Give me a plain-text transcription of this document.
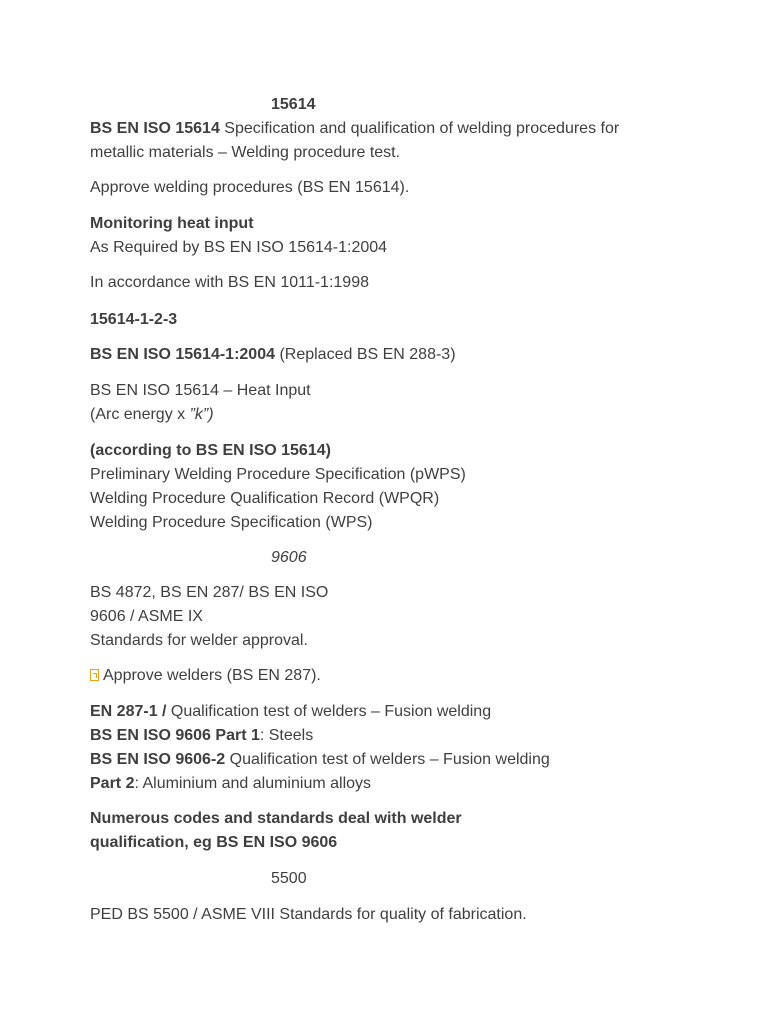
15614
BS EN ISO 15614 Specification and qualification of welding procedures for
metallic materials – Welding procedure test.
Approve welding procedures (BS EN 15614).
Monitoring heat input
As Required by BS EN ISO 15614-1:2004
In accordance with BS EN 1011-1:1998
15614-1-2-3
BS EN ISO 15614-1:2004 (Replaced BS EN 288-3)
BS EN ISO 15614 – Heat Input
(Arc energy x ”k”)
(according to BS EN ISO 15614)
Preliminary Welding Procedure Specification (pWPS)
Welding Procedure Qualification Record (WPQR)
Welding Procedure Specification (WPS)
9606
BS 4872, BS EN 287/ BS EN ISO
9606 / ASME IX
Standards for welder approval.
Approve welders (BS EN 287).
EN 287-1 / Qualification test of welders – Fusion welding
BS EN ISO 9606 Part 1: Steels
BS EN ISO 9606-2 Qualification test of welders – Fusion welding
Part 2: Aluminium and aluminium alloys
Numerous codes and standards deal with welder
qualification, eg BS EN ISO 9606
5500
PED BS 5500 / ASME VIII Standards for quality of fabrication.
